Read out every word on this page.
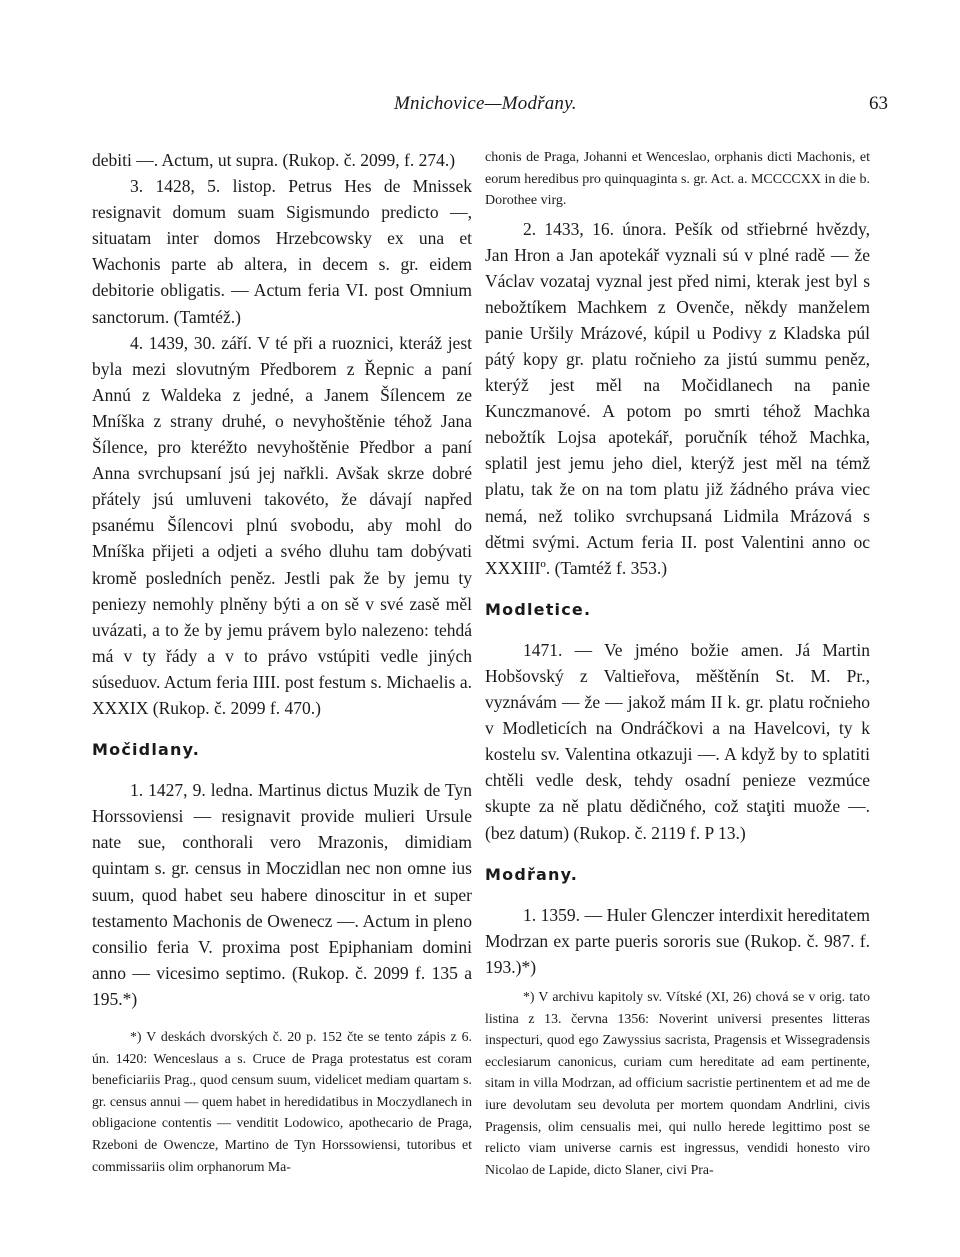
Mnichovice—Modřany.	63

debiti —. Actum, ut supra. (Rukop. č. 2099, f. 274.)

3. 1428, 5. listop. Petrus Hes de Mnissek resignavit domum suam Sigismundo predicto —, situatam inter domos Hrzebcowsky ex una et Wachonis parte ab altera, in decem s. gr. eidem debitorie obligatis. — Actum feria VI. post Omnium sanctorum. (Tamtéž.)

4. 1439, 30. září. V té při a ruoznici, kteráž jest byla mezi slovutným Předborem z Řepnic a paní Annú z Waldeka z jedné, a Janem Šílencem ze Mníška z strany druhé, o nevyhoštěnie téhož Jana Šílence, pro kteréžto nevyhoštěnie Předbor a paní Anna svrchupsaní jsú jej nařkli. Avšak skrze dobré přátely jsú umluveni takovéto, že dávají napřed psanému Šílencovi plnú svobodu, aby mohl do Mníška přijeti a odjeti a svého dluhu tam dobývati kromě posledních peněz. Jestli pak že by jemu ty peniezy nemohly plněny býti a on sě v své zasě měl uvázati, a to že by jemu právem bylo nalezeno: tehdá má v ty řády a v to právo vstúpiti vedle jiných súseduov. Actum feria IIII. post festum s. Michaelis a. XXXIX (Rukop. č. 2099 f. 470.)

Močidlany.

1. 1427, 9. ledna. Martinus dictus Muzik de Tyn Horssoviensi — resignavit provide mulieri Ursule nate sue, conthorali vero Mrazonis, dimidiam quintam s. gr. census in Moczidlan nec non omne ius suum, quod habet seu habere dinoscitur in et super testamento Machonis de Owenecz —. Actum in pleno consilio feria V. proxima post Epiphaniam domini anno — vicesimo septimo. (Rukop. č. 2099 f. 135 a 195.*)

*) V deskách dvorských č. 20 p. 152 čte se tento zápis z 6. ún. 1420: Wenceslaus a s. Cruce de Praga protestatus est coram beneficiariis Prag., quod censum suum, videlicet mediam quartam s. gr. census annui — quem habet in heredidatibus in Moczydlanech in obligacione contentis — venditit Lodowico, apothecario de Praga, Rzeboni de Owencze, Martino de Tyn Horssowiensi, tutoribus et commissariis olim orphanorum Ma-

chonis de Praga, Johanni et Wenceslao, orphanis dicti Machonis, et eorum heredibus pro quinquaginta s. gr. Act. a. MCCCCXX in die b. Dorothee virg.

2. 1433, 16. února. Pešík od střiebrné hvězdy, Jan Hron a Jan apotekář vyznali sú v plné radě — že Václav vozataj vyznal jest před nimi, kterak jest byl s nebožtíkem Machkem z Ovenče, někdy manželem panie Uršily Mrázové, kúpil u Podivy z Kladska púl pátý kopy gr. platu ročnieho za jistú summu peněz, kterýž jest měl na Močidlanech na panie Kunczmanové. A potom po smrti téhož Machka nebožtík Lojsa apotekář, poručník téhož Machka, splatil jest jemu jeho diel, kterýž jest měl na témž platu, tak že on na tom platu již žádného práva viec nemá, než toliko svrchupsaná Lidmila Mrázová s dětmi svými. Actum feria II. post Valentini anno oc XXXIIIº. (Tamtéž f. 353.)

Modletice.

1471. — Ve jméno božie amen. Já Martin Hobšovský z Valtieřova, měštěnín St. M. Pr., vyznávám — že — jakož mám II k. gr. platu ročnieho v Modleticích na Ondráčkovi a na Havelcovi, ty k kostelu sv. Valentina otkazuji —. A když by to splatiti chtěli vedle desk, tehdy osadní penieze vezmúce skupte za ně platu dědičného, což staţiti muože —. (bez datum) (Rukop. č. 2119 f. P 13.)

Modřany.

1. 1359. — Huler Glenczer interdixit hereditatem Modrzan ex parte pueris sororis sue (Rukop. č. 987. f. 193.)*)

*) V archivu kapitoly sv. Vítské (XI, 26) chová se v orig. tato listina z 13. června 1356: Noverint universi presentes litteras inspecturi, quod ego Zawyssius sacrista, Pragensis et Wissegradensis ecclesiarum canonicus, curiam cum hereditate ad eam pertinente, sitam in villa Modrzan, ad officium sacristie pertinentem et ad me de iure devolutam seu devoluta per mortem quondam Andrlini, civis Pragensis, olim censualis mei, qui nullo herede legittimo post se relicto viam universe carnis est ingressus, vendidi honesto viro Nicolao de Lapide, dicto Slaner, civi Pra-
